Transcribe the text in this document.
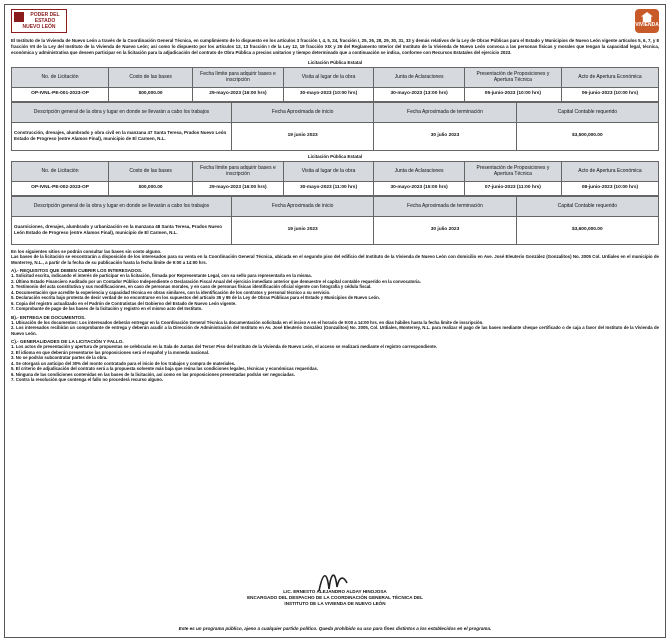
PODER DEL ESTADO NUEVO LEÓN	VIVIENDA

El Instituto de la Vivienda de Nuevo León a través de la Coordinación General Técnica, en cumplimiento de lo dispuesto en los artículos 3 fracción I, 4, 5, 24, fracción I, 25, 26, 28, 29, 30, 31, 33 y demás relativos de la Ley de Obras Públicas para el Estado y Municipios de Nuevo León vigente artículos 5, 6, 7, y 8 fracción VII de la Ley del Instituto de la Vivienda de Nuevo León; así como lo dispuesto por los artículos 12, 13 fracción I de la Ley 12, 19 fracción XIX y 26 del Reglamento Interior del Instituto de la Vivienda de Nuevo León convoca a las personas físicas y morales que tengan la capacidad legal, técnica, económica y administrativa que deseen participar en la licitación para la adjudicación del contrato de Obra Pública a precios unitarios y tiempo determinado que a continuación se indica, conforme con Recursos Estatales del ejercicio 2023.

Licitación Pública Estatal
No. de Licitación	Costo de las bases	Fecha límite para adquirir bases e inscripción	Visita al lugar de la obra	Junta de Aclaraciones	Presentación de Proposiciones y Apertura Técnica	Acto de Apertura Económica
OP-IVNL-PE-001-2023-OP	$00,000.00	29-mayo-2023 (16:00 hrs)	30-mayo-2023 (10:00 hrs)	30-mayo-2023 (13:00 hrs)	05-junio-2023 (10:00 hrs)	06-junio-2023 (10:00 hrs)
Descripción general de la obra y lugar en donde se llevarán a cabo los trabajos	Fecha Aproximada de inicio	Fecha Aproximada de terminación	Capital Contable requerido
Construcción, drenajes, alumbrado y obra civil en la manzana 47 Santa Teresa, Prados Nuevo León Estado de Progreso (entre Alamos Final), municipio de El Carmen, N.L.	19 junio 2023	30 julio 2023	$3,500,000.00
Licitación Pública Estatal
No. de Licitación	Costo de las bases	Fecha límite para adquirir bases e inscripción	Visita al lugar de la obra	Junta de Aclaraciones	Presentación de Proposiciones y Apertura Técnica	Acto de Apertura Económica
OP-IVNL-PE-002-2023-OP	$00,000.00	29-mayo-2023 (16:00 hrs)	30-mayo-2023 (11:00 hrs)	30-mayo-2023 (15:00 hrs)	07-junio-2023 (11:00 hrs)	08-junio-2023 (10:00 hrs)
Descripción general de la obra y lugar en donde se llevarán a cabo los trabajos	Fecha Aproximada de inicio	Fecha Aproximada de terminación	Capital Contable requerido
Guarniciones, drenajes, alumbrado y urbanización en la manzana 48 Santa Teresa, Prados Nuevo León Estado de Progreso (entre Alamos Final), municipio de El Carmen, N.L.	19 junio 2023	30 julio 2023	$3,600,000.00

En los siguientes sitios se podrán consultar las bases sin costo alguno.

Las bases de la licitación se encontrarán a disposición de los interesados para su venta en la Coordinación General Técnica, ubicada en el segundo piso del edificio del Instituto de la Vivienda de Nuevo León con domicilio en Ave. José Eleuterio González (Gonzalitos) No. 2005 Col. Urdiales en el municipio de Monterrey, N.L., a partir de la fecha de su publicación hasta la fecha límite de 9:00 a 14:00 hrs.

A).- REQUISITOS QUE DEBEN CUBRIR LOS INTERESADOS.

1. Solicitud escrita, indicando el interés de participar en la licitación, firmada por Representante Legal, con su sello para representarla en la misma.

2. Último Estado Financiero Auditado por un Contador Público Independiente o Declaración Fiscal Anual del ejercicio inmediato anterior que demuestre el capital contable requerido en la convocatoria.

3. Testimonio del acta constitutiva y sus modificaciones, en caso de personas morales, y en caso de personas físicas identificación oficial vigente con fotografía y cédula fiscal.

4. Documentación que acredite la experiencia y capacidad técnica en obras similares, con la identificación de los contratos y personal técnico a su servicio.

5. Declaración escrita bajo protesta de decir verdad de no encontrarse en los supuestos del artículo 35 y 95 de la Ley de Obras Públicas para el Estado y Municipios de Nuevo León.

6. Copia del registro actualizado en el Padrón de Contratistas del Gobierno del Estado de Nuevo León vigente.

7. Comprobante de pago de las bases de la licitación y registro en el mismo acto del Instituto.

B).- ENTREGA DE DOCUMENTOS.

1. Ubicación de los documentos: Los interesados deberán entregar en la Coordinación General Técnica la documentación solicitada en el inciso A en el horario de 9:00 a 14:00 hrs. en días hábiles hasta la fecha límite de inscripción.

2. Los interesados recibirán un comprobante de entrega y deberán acudir a la Dirección de Administración del Instituto en Av. José Eleuterio González (Gonzalitos) No. 2005, Col. Urdiales, Monterrey, N.L. para realizar el pago de las bases mediante cheque certificado o de caja a favor del Instituto de la Vivienda de Nuevo León.

C).- GENERALIDADES DE LA LICITACIÓN Y FALLO.

1. Los actos de presentación y apertura de propuestas se celebrarán en la Sala de Juntas del Tercer Piso del Instituto de la Vivienda de Nuevo León, el acceso se realizará mediante el registro correspondiente.

2. El idioma en que deberán presentarse las proposiciones será el español y la moneda nacional.

3. No se podrán subcontratar partes de la obra.

4. Se otorgará un anticipo del 30% del monto contratado para el inicio de los trabajos y compra de materiales.

5. El criterio de adjudicación del contrato será a la propuesta solvente más baja que reúna las condiciones legales, técnicas y económicas requeridas.

6. Ninguna de las condiciones contenidas en las bases de la licitación, así como en las proposiciones presentadas podrán ser negociadas.

7. Contra la resolución que contenga el fallo no procederá recurso alguno.

LIC. ERNESTO ALEJANDRO ALDAY HINOJOSA
ENCARGADO DEL DESPACHO DE LA COORDINACIÓN GENERAL TÉCNICA DEL
INSTITUTO DE LA VIVIENDA DE NUEVO LEÓN
Este es un programa público, ajeno a cualquier partido político. Queda prohibido su uso para fines distintos a los establecidos en el programa.
